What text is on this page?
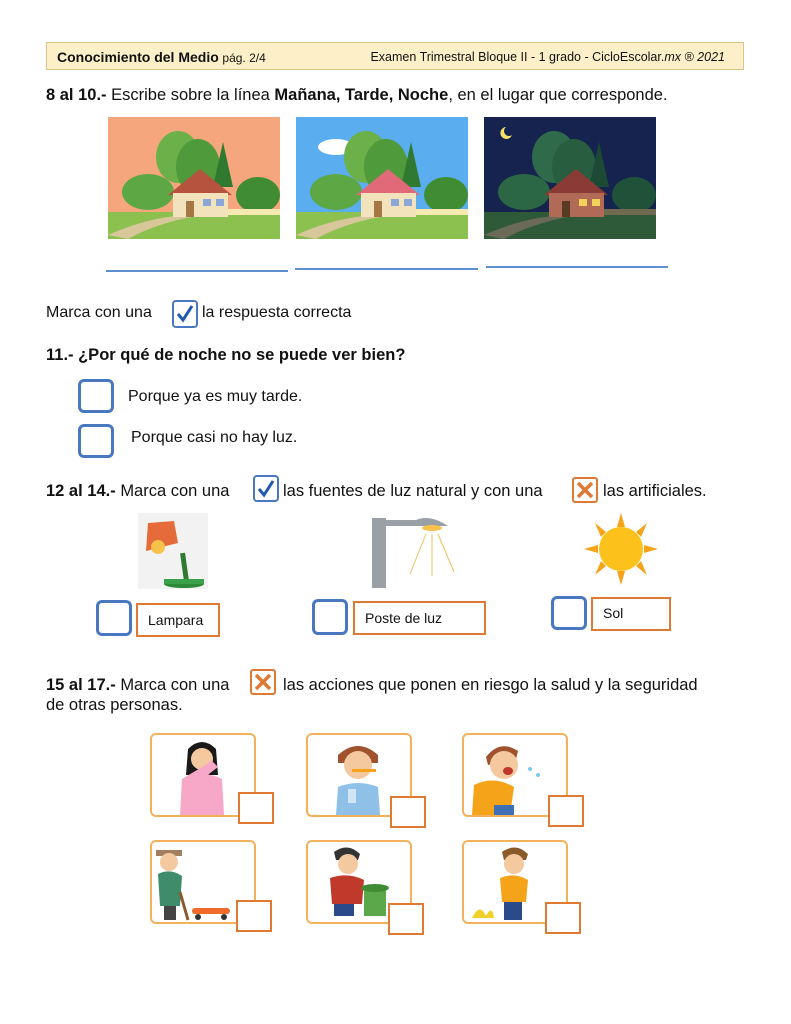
Conocimiento del Medio pág. 2/4	Examen Trimestral Bloque II - 1 grado - CicloEscolar.mx ® 2021
8 al 10.- Escribe sobre la línea Mañana, Tarde, Noche, en el lugar que corresponde.
Marca con una	la respuesta correcta
11.- ¿Por qué de noche no se puede ver bien?
Porque ya es muy tarde.
Porque casi no hay luz.
12 al 14.- Marca con una	las fuentes de luz natural y con una	las artificiales.
Lampara	Poste de luz	Sol
15 al 17.- Marca con una	las acciones que ponen en riesgo la salud y la seguridad
de otras personas.
